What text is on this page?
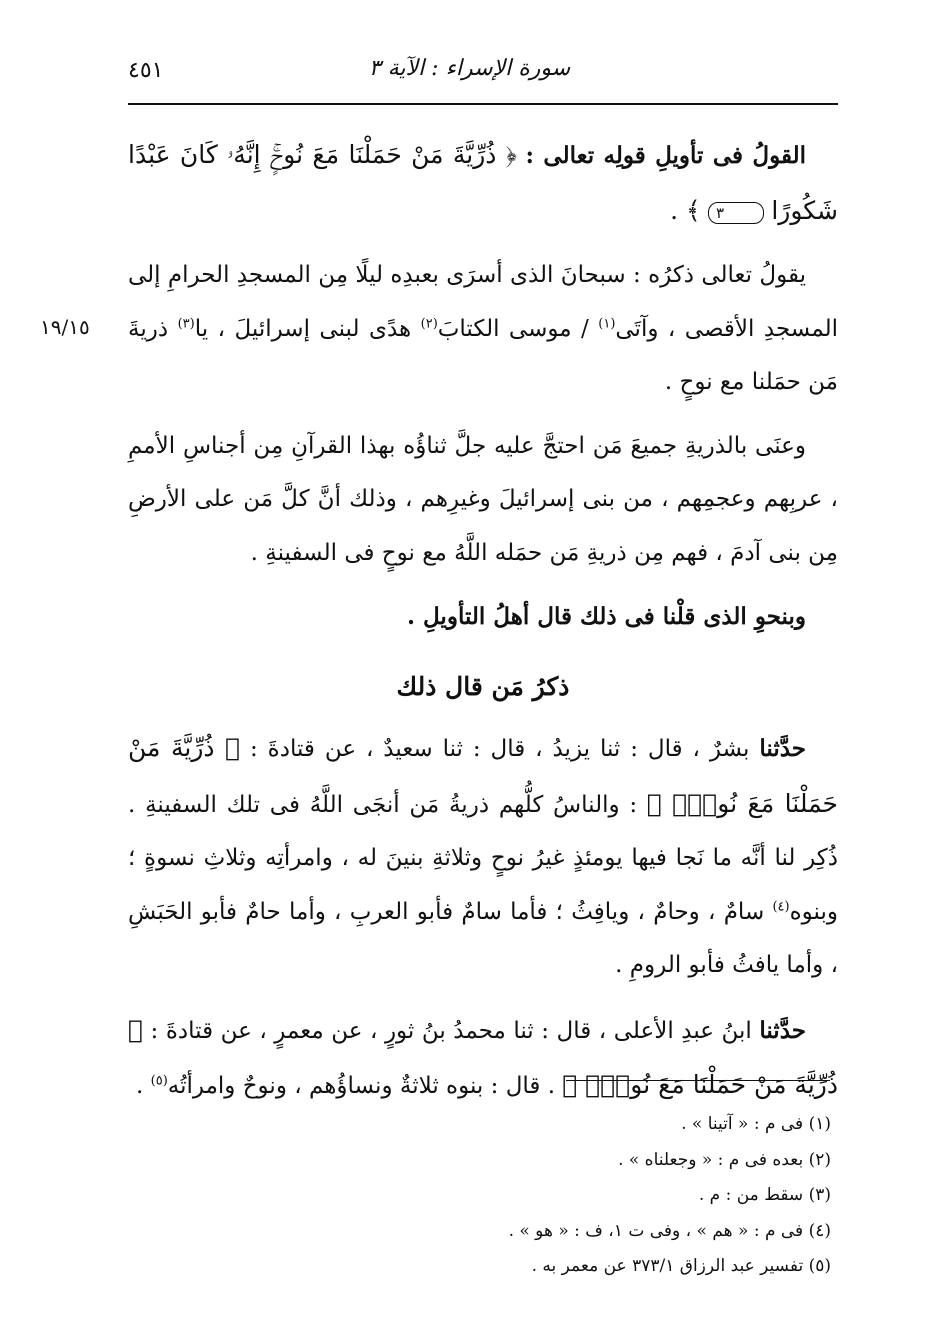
٤٥١	سورة الإسراء : الآية ٣
١٩/١٥

القولُ فى تأويلِ قولِه تعالى : ﴿ ذُرِّيَّةَ مَنْ حَمَلْنَا مَعَ نُوحٍۚ إِنَّهُۥ كَانَ عَبْدًا شَكُورًا ٣ ﴾ .

يقولُ تعالى ذكرُه : سبحانَ الذى أسرَى بعبدِه ليلًا مِن المسجدِ الحرامِ إلى المسجدِ الأقصى ، وآتَى$^{(١)}$ / موسى الكتابَ$^{(٢)}$ هدًى لبنى إسرائيلَ ، يا$^{(٣)}$ ذريةَ مَن حمَلنا مع نوحٍ .

وعنَى بالذريةِ جميعَ مَن احتجَّ عليه جلَّ ثناؤُه بهذا القرآنِ مِن أجناسِ الأممِ ، عربِهم وعجمِهم ، من بنى إسرائيلَ وغيرِهم ، وذلك أنَّ كلَّ مَن على الأرضِ مِن بنى آدمَ ، فهم مِن ذريةِ مَن حمَله اللَّهُ مع نوحٍ فى السفينةِ .

وبنحوِ الذى قلْنا فى ذلك قال أهلُ التأويلِ .

ذكرُ مَن قال ذلك

حدَّثنا بشرٌ ، قال : ثنا يزيدُ ، قال : ثنا سعيدٌ ، عن قتادةَ : ﴿ ذُرِّيَّةَ مَنْ حَمَلْنَا مَعَ نُوحٍۚ ﴾ : والناسُ كلُّهم ذريةُ مَن أنجَى اللَّهُ فى تلك السفينةِ . ذُكِر لنا أنَّه ما نَجا فيها يومئذٍ غيرُ نوحٍ وثلاثةِ بنينَ له ، وامرأتِه وثلاثِ نسوةٍ ؛ وبنوه$^{(٤)}$ سامٌ ، وحامٌ ، ويافِثُ ؛ فأما سامٌ فأبو العربِ ، وأما حامٌ فأبو الحَبَشِ ، وأما يافثُ فأبو الرومِ .

حدَّثنا ابنُ عبدِ الأعلى ، قال : ثنا محمدُ بنُ ثورٍ ، عن معمرٍ ، عن قتادةَ : ﴿ ذُرِّيَّةَ مَنْ حَمَلْنَا مَعَ نُوحٍۚ ﴾ . قال : بنوه ثلاثةٌ ونساؤُهم ، ونوحٌ وامرأتُه$^{(٥)}$ .

(١) فى م : « آتينا » .
(٢) بعده فى م : « وجعلناه » .
(٣) سقط من : م .
(٤) فى م : « هم » ، وفى ت ١، ف : « هو » .
(٥) تفسير عبد الرزاق ٣٧٣/١ عن معمر به .
